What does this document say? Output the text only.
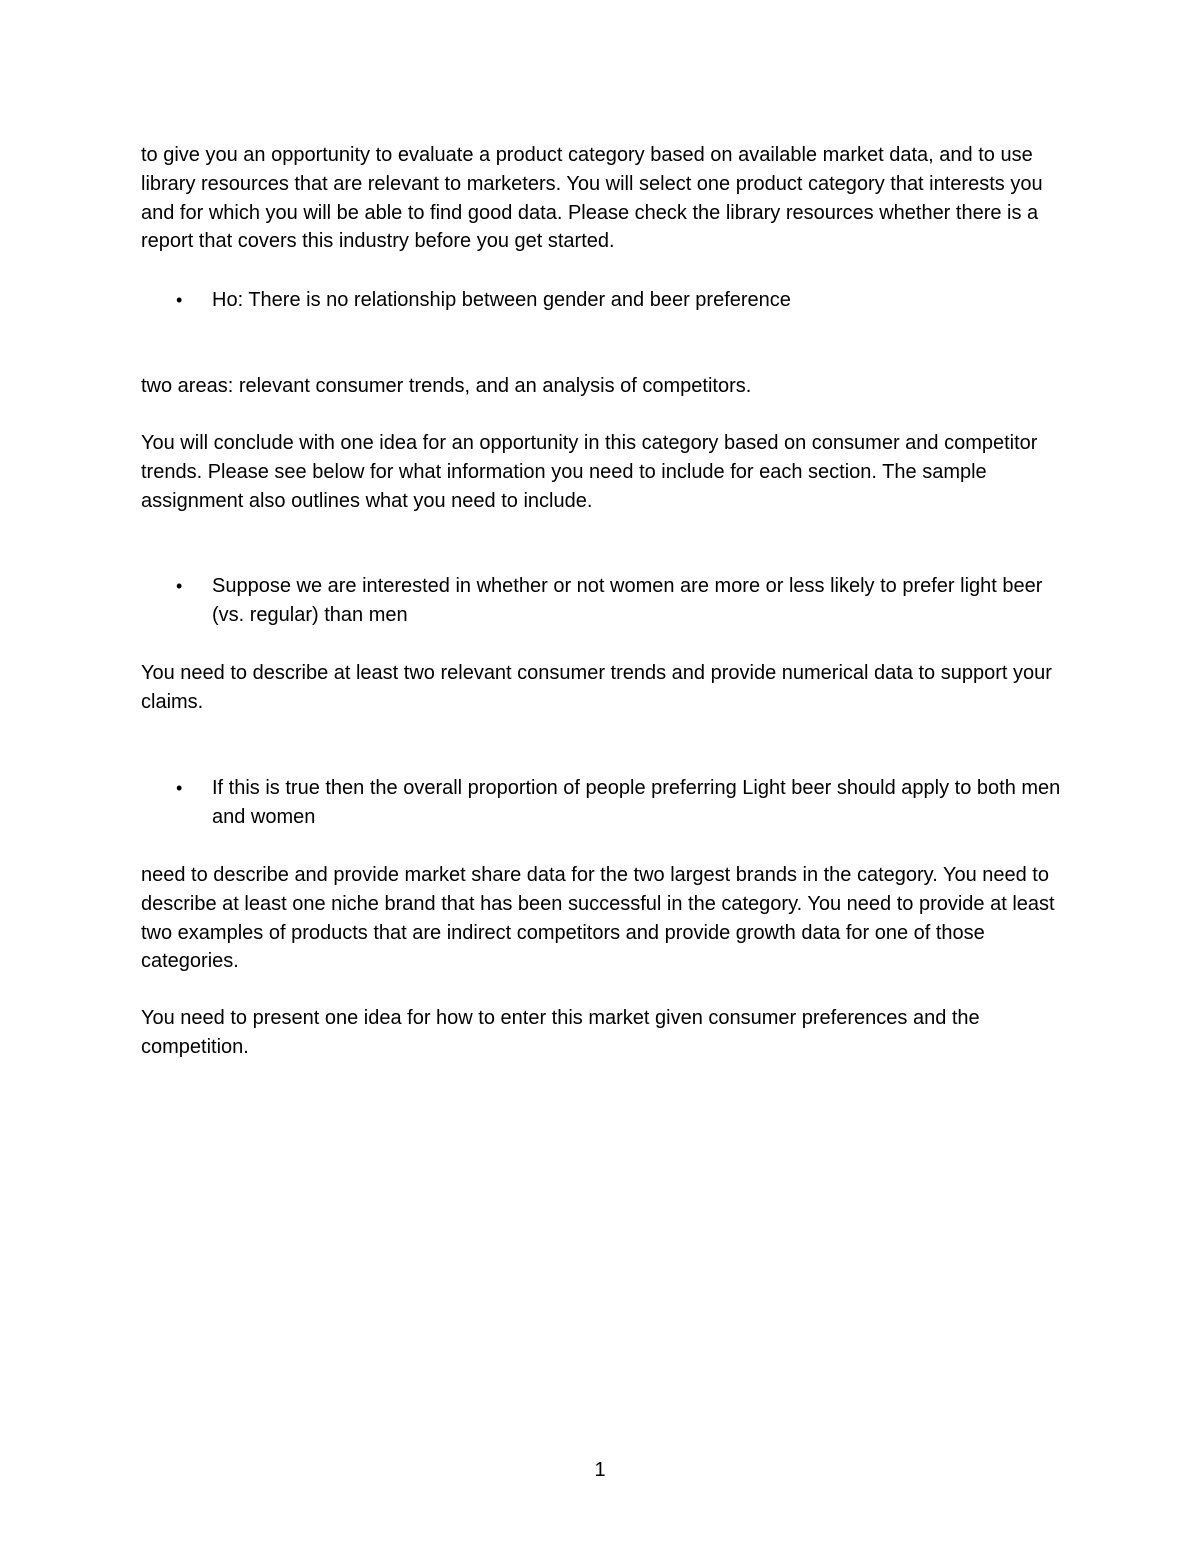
to give you an opportunity to evaluate a product category based on available market data, and to use library resources that are relevant to marketers. You will select one product category that interests you and for which you will be able to find good data. Please check the library resources whether there is a report that covers this industry before you get started.
• Ho: There is no relationship between gender and beer preference
two areas: relevant consumer trends, and an analysis of competitors.
You will conclude with one idea for an opportunity in this category based on consumer and competitor trends. Please see below for what information you need to include for each section. The sample assignment also outlines what you need to include.
• Suppose we are interested in whether or not women are more or less likely to prefer light beer (vs. regular) than men
You need to describe at least two relevant consumer trends and provide numerical data to support your claims.
• If this is true then the overall proportion of people preferring Light beer should apply to both men and women
need to describe and provide market share data for the two largest brands in the category. You need to describe at least one niche brand that has been successful in the category. You need to provide at least two examples of products that are indirect competitors and provide growth data for one of those categories.
You need to present one idea for how to enter this market given consumer preferences and the competition.
1
